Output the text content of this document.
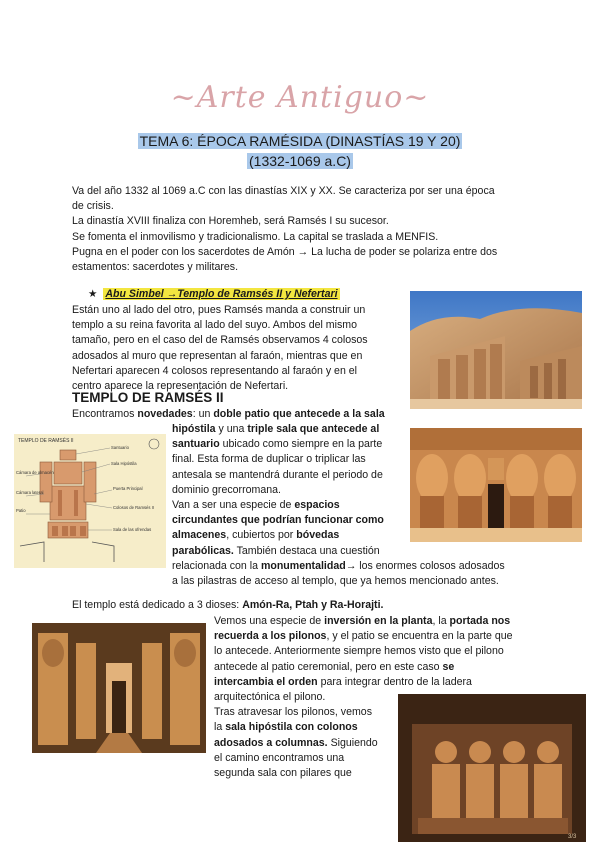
~Arte Antiguo~
TEMA 6: ÉPOCA RAMÉSIDA (DINASTÍAS 19 Y 20)
(1332-1069 a.C)
Va del año 1332 al 1069 a.C con las dinastías XIX y XX. Se caracteriza por ser una época
de crisis.
La dinastía XVIII finaliza con Horemheb, será Ramsés I su sucesor.
Se fomenta el inmovilismo y tradicionalismo. La capital se traslada a MENFIS.
Pugna en el poder con los sacerdotes de Amón → La lucha de poder se polariza entre dos
estamentos: sacerdotes y militares.
★ Abu Simbel →Templo de Ramsés II y Nefertari
Están uno al lado del otro, pues Ramsés manda a construir un
templo a su reina favorita al lado del suyo. Ambos del mismo
tamaño, pero en el caso del de Ramsés observamos 4 colosos
adosados al muro que representan al faraón, mientras que en
Nefertari aparecen 4 colosos representando al faraón y en el
centro aparece la representación de Nefertari.
TEMPLO DE RAMSÉS II
Encontramos novedades: un doble patio que antecede a la sala
hipóstila y una triple sala que antecede al
santuario ubicado como siempre en la parte
final. Esta forma de duplicar o triplicar las
antesala se mantendrá durante el periodo de
dominio grecorromana.
Van a ser una especie de espacios
circundantes que podrían funcionar como
almacenes, cubiertos por bóvedas
parabólicas. También destaca una cuestión
relacionada con la monumentalidad→ los enormes colosos adosados
a las pilastras de acceso al templo, que ya hemos mencionado antes.
TEMPLO DE RAMSÉS II
Santuario
Sala Hipóstila
Cámara de almacén
Puerta Principal
Colosos de Ramsés II
Patio
Cámara lateral
Sala de las ofrendas
El templo está dedicado a 3 dioses: Amón-Ra, Ptah y Ra-Horajti.
Vemos una especie de inversión en la planta, la portada nos
recuerda a los pilonos, y el patio se encuentra en la parte que
lo antecede. Anteriormente siempre hemos visto que el pilono
antecede al patio ceremonial, pero en este caso se
intercambia el orden para integrar dentro de la ladera
arquitectónica el pilono.
Tras atravesar los pilonos, vemos
la sala hipóstila con colonos
adosados a columnas. Siguiendo
el camino encontramos una
segunda sala con pilares que
3/3
